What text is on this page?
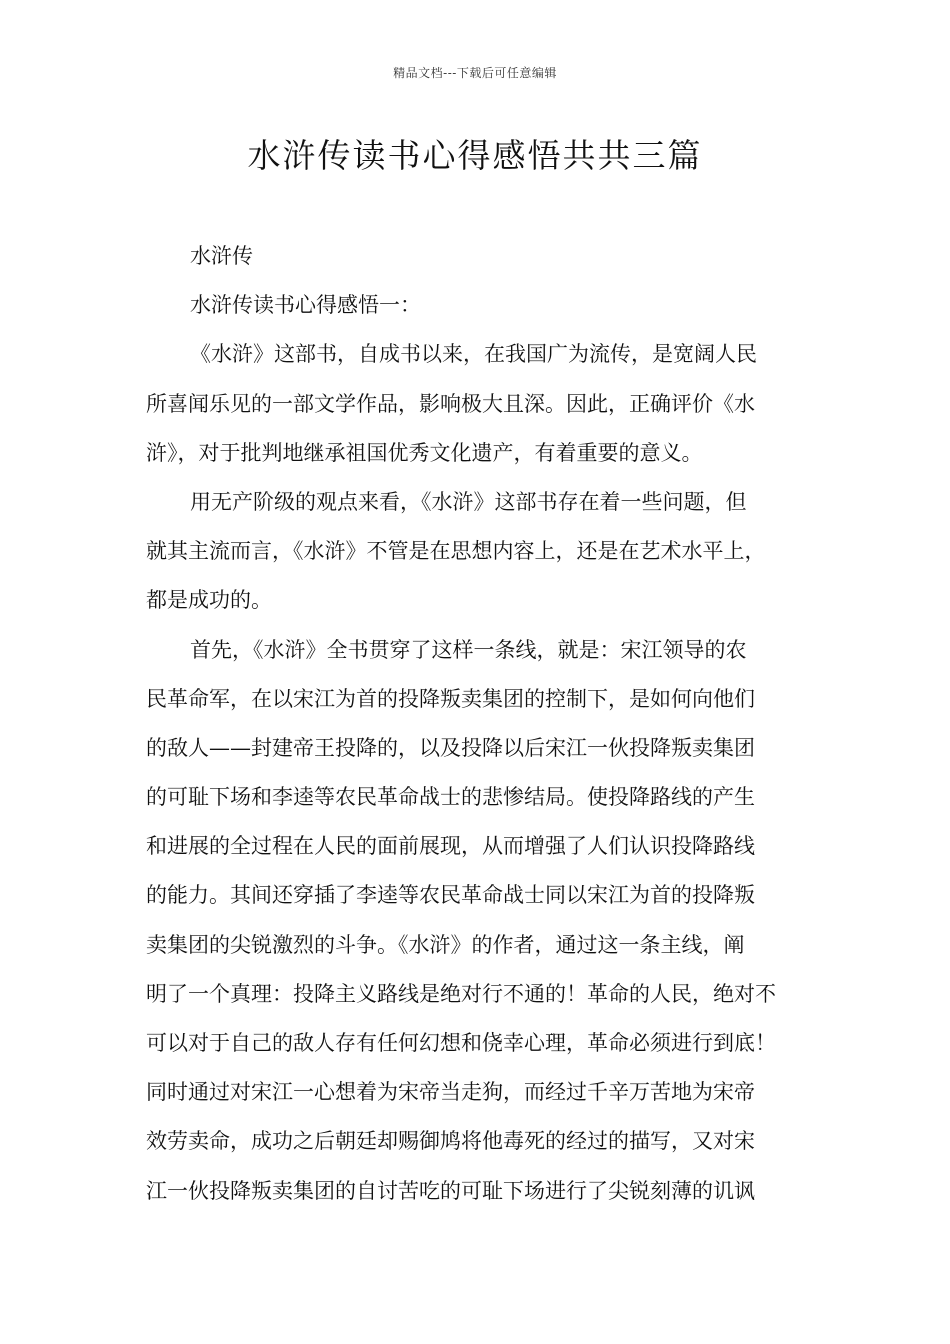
精品文档---下载后可任意编辑
水浒传读书心得感悟共共三篇
水浒传
水浒传读书心得感悟一：
《水浒》这部书，自成书以来，在我国广为流传，是宽阔人民
所喜闻乐见的一部文学作品，影响极大且深。因此，正确评价《水
浒》，对于批判地继承祖国优秀文化遗产，有着重要的意义。
用无产阶级的观点来看，《水浒》这部书存在着一些问题，但
就其主流而言，《水浒》不管是在思想内容上，还是在艺术水平上，
都是成功的。
首先，《水浒》全书贯穿了这样一条线，就是：宋江领导的农
民革命军，在以宋江为首的投降叛卖集团的控制下，是如何向他们
的敌人——封建帝王投降的，以及投降以后宋江一伙投降叛卖集团
的可耻下场和李逵等农民革命战士的悲惨结局。使投降路线的产生
和进展的全过程在人民的面前展现，从而增强了人们认识投降路线
的能力。其间还穿插了李逵等农民革命战士同以宋江为首的投降叛
卖集团的尖锐激烈的斗争。《水浒》的作者，通过这一条主线，阐
明了一个真理：投降主义路线是绝对行不通的！革命的人民，绝对不
可以对于自己的敌人存有任何幻想和侥幸心理，革命必须进行到底！
同时通过对宋江一心想着为宋帝当走狗，而经过千辛万苦地为宋帝
效劳卖命，成功之后朝廷却赐御鸠将他毒死的经过的描写，又对宋
江一伙投降叛卖集团的自讨苦吃的可耻下场进行了尖锐刻薄的讥讽
